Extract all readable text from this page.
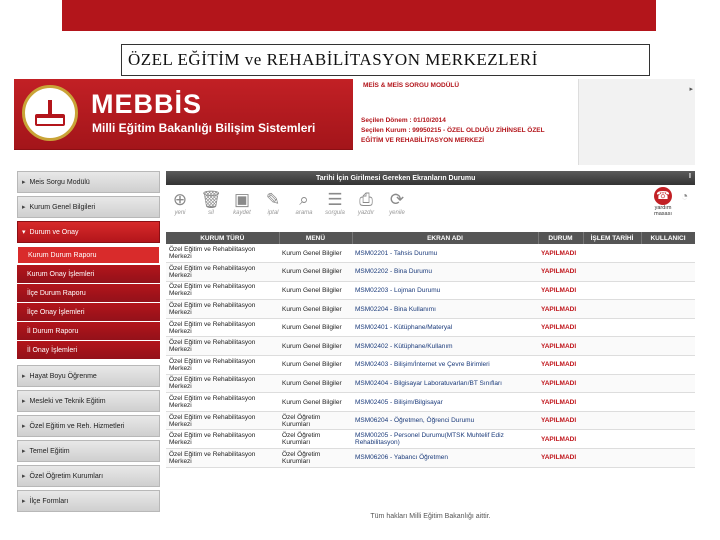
ÖZEL EĞİTİM ve REHABİLİTASYON MERKEZLERİ
MEBBİS
Milli Eğitim Bakanlığı Bilişim Sistemleri
MEİS & MEİS SORGU MODÜLÜ
Seçilen Dönem : 01/10/2014
Seçilen Kurum : 99950215 - ÖZEL OLDUĞU ZİHİNSEL ÖZEL
EĞİTİM VE REHABİLİTASYON MERKEZİ
▸
▸ Meis Sorgu Modülü
▸ Kurum Genel Bilgileri
▾ Durum ve Onay
Kurum Durum Raporu
Kurum Onay İşlemleri
İlçe Durum Raporu
İlçe Onay İşlemleri
İl Durum Raporu
İl Onay İşlemleri
▸ Hayat Boyu Öğrenme
▸ Mesleki ve Teknik Eğitim
▸ Özel Eğitim ve Reh. Hizmetleri
▸ Temel Eğitim
▸ Özel Öğretim Kurumları
▸ İlçe Formları
Tarihi İçin Girilmesi Gereken Ekranların Durumu	I
☎
yardım masası
◔
⊕
yeni
🗑
sil
▣
kaydet
✎
iptal
⌕
arama
☰
sorgula
⎙
yazdır
⟳
yenile
KURUM TÜRÜ	MENÜ	EKRAN ADI	DURUM	İŞLEM TARİHİ	KULLANICI
Özel Eğitim ve Rehabilitasyon Merkezi	Kurum Genel Bilgiler	MSM02201 - Tahsis Durumu	YAPILMADI		
Özel Eğitim ve Rehabilitasyon Merkezi	Kurum Genel Bilgiler	MSM02202 - Bina Durumu	YAPILMADI		
Özel Eğitim ve Rehabilitasyon Merkezi	Kurum Genel Bilgiler	MSM02203 - Lojman Durumu	YAPILMADI		
Özel Eğitim ve Rehabilitasyon Merkezi	Kurum Genel Bilgiler	MSM02204 - Bina Kullanımı	YAPILMADI		
Özel Eğitim ve Rehabilitasyon Merkezi	Kurum Genel Bilgiler	MSM02401 - Kütüphane/Materyal	YAPILMADI		
Özel Eğitim ve Rehabilitasyon Merkezi	Kurum Genel Bilgiler	MSM02402 - Kütüphane/Kullanım	YAPILMADI		
Özel Eğitim ve Rehabilitasyon Merkezi	Kurum Genel Bilgiler	MSM02403 - Bilişim/İnternet ve Çevre Birimleri	YAPILMADI		
Özel Eğitim ve Rehabilitasyon Merkezi	Kurum Genel Bilgiler	MSM02404 - Bilgisayar Laboratuvarları/BT Sınıfları	YAPILMADI		
Özel Eğitim ve Rehabilitasyon Merkezi	Kurum Genel Bilgiler	MSM02405 - Bilişim/Bilgisayar	YAPILMADI		
Özel Eğitim ve Rehabilitasyon Merkezi	Özel Öğretim Kurumları	MSM06204 - Öğretmen, Öğrenci Durumu	YAPILMADI		
Özel Eğitim ve Rehabilitasyon Merkezi	Özel Öğretim Kurumları	MSM00205 - Personel Durumu(MTSK Muhtelif Ediz Rehabilitasyon)	YAPILMADI		
Özel Eğitim ve Rehabilitasyon Merkezi	Özel Öğretim Kurumları	MSM06206 - Yabancı Öğretmen	YAPILMADI		
Tüm hakları Milli Eğitim Bakanlığı aittir.
